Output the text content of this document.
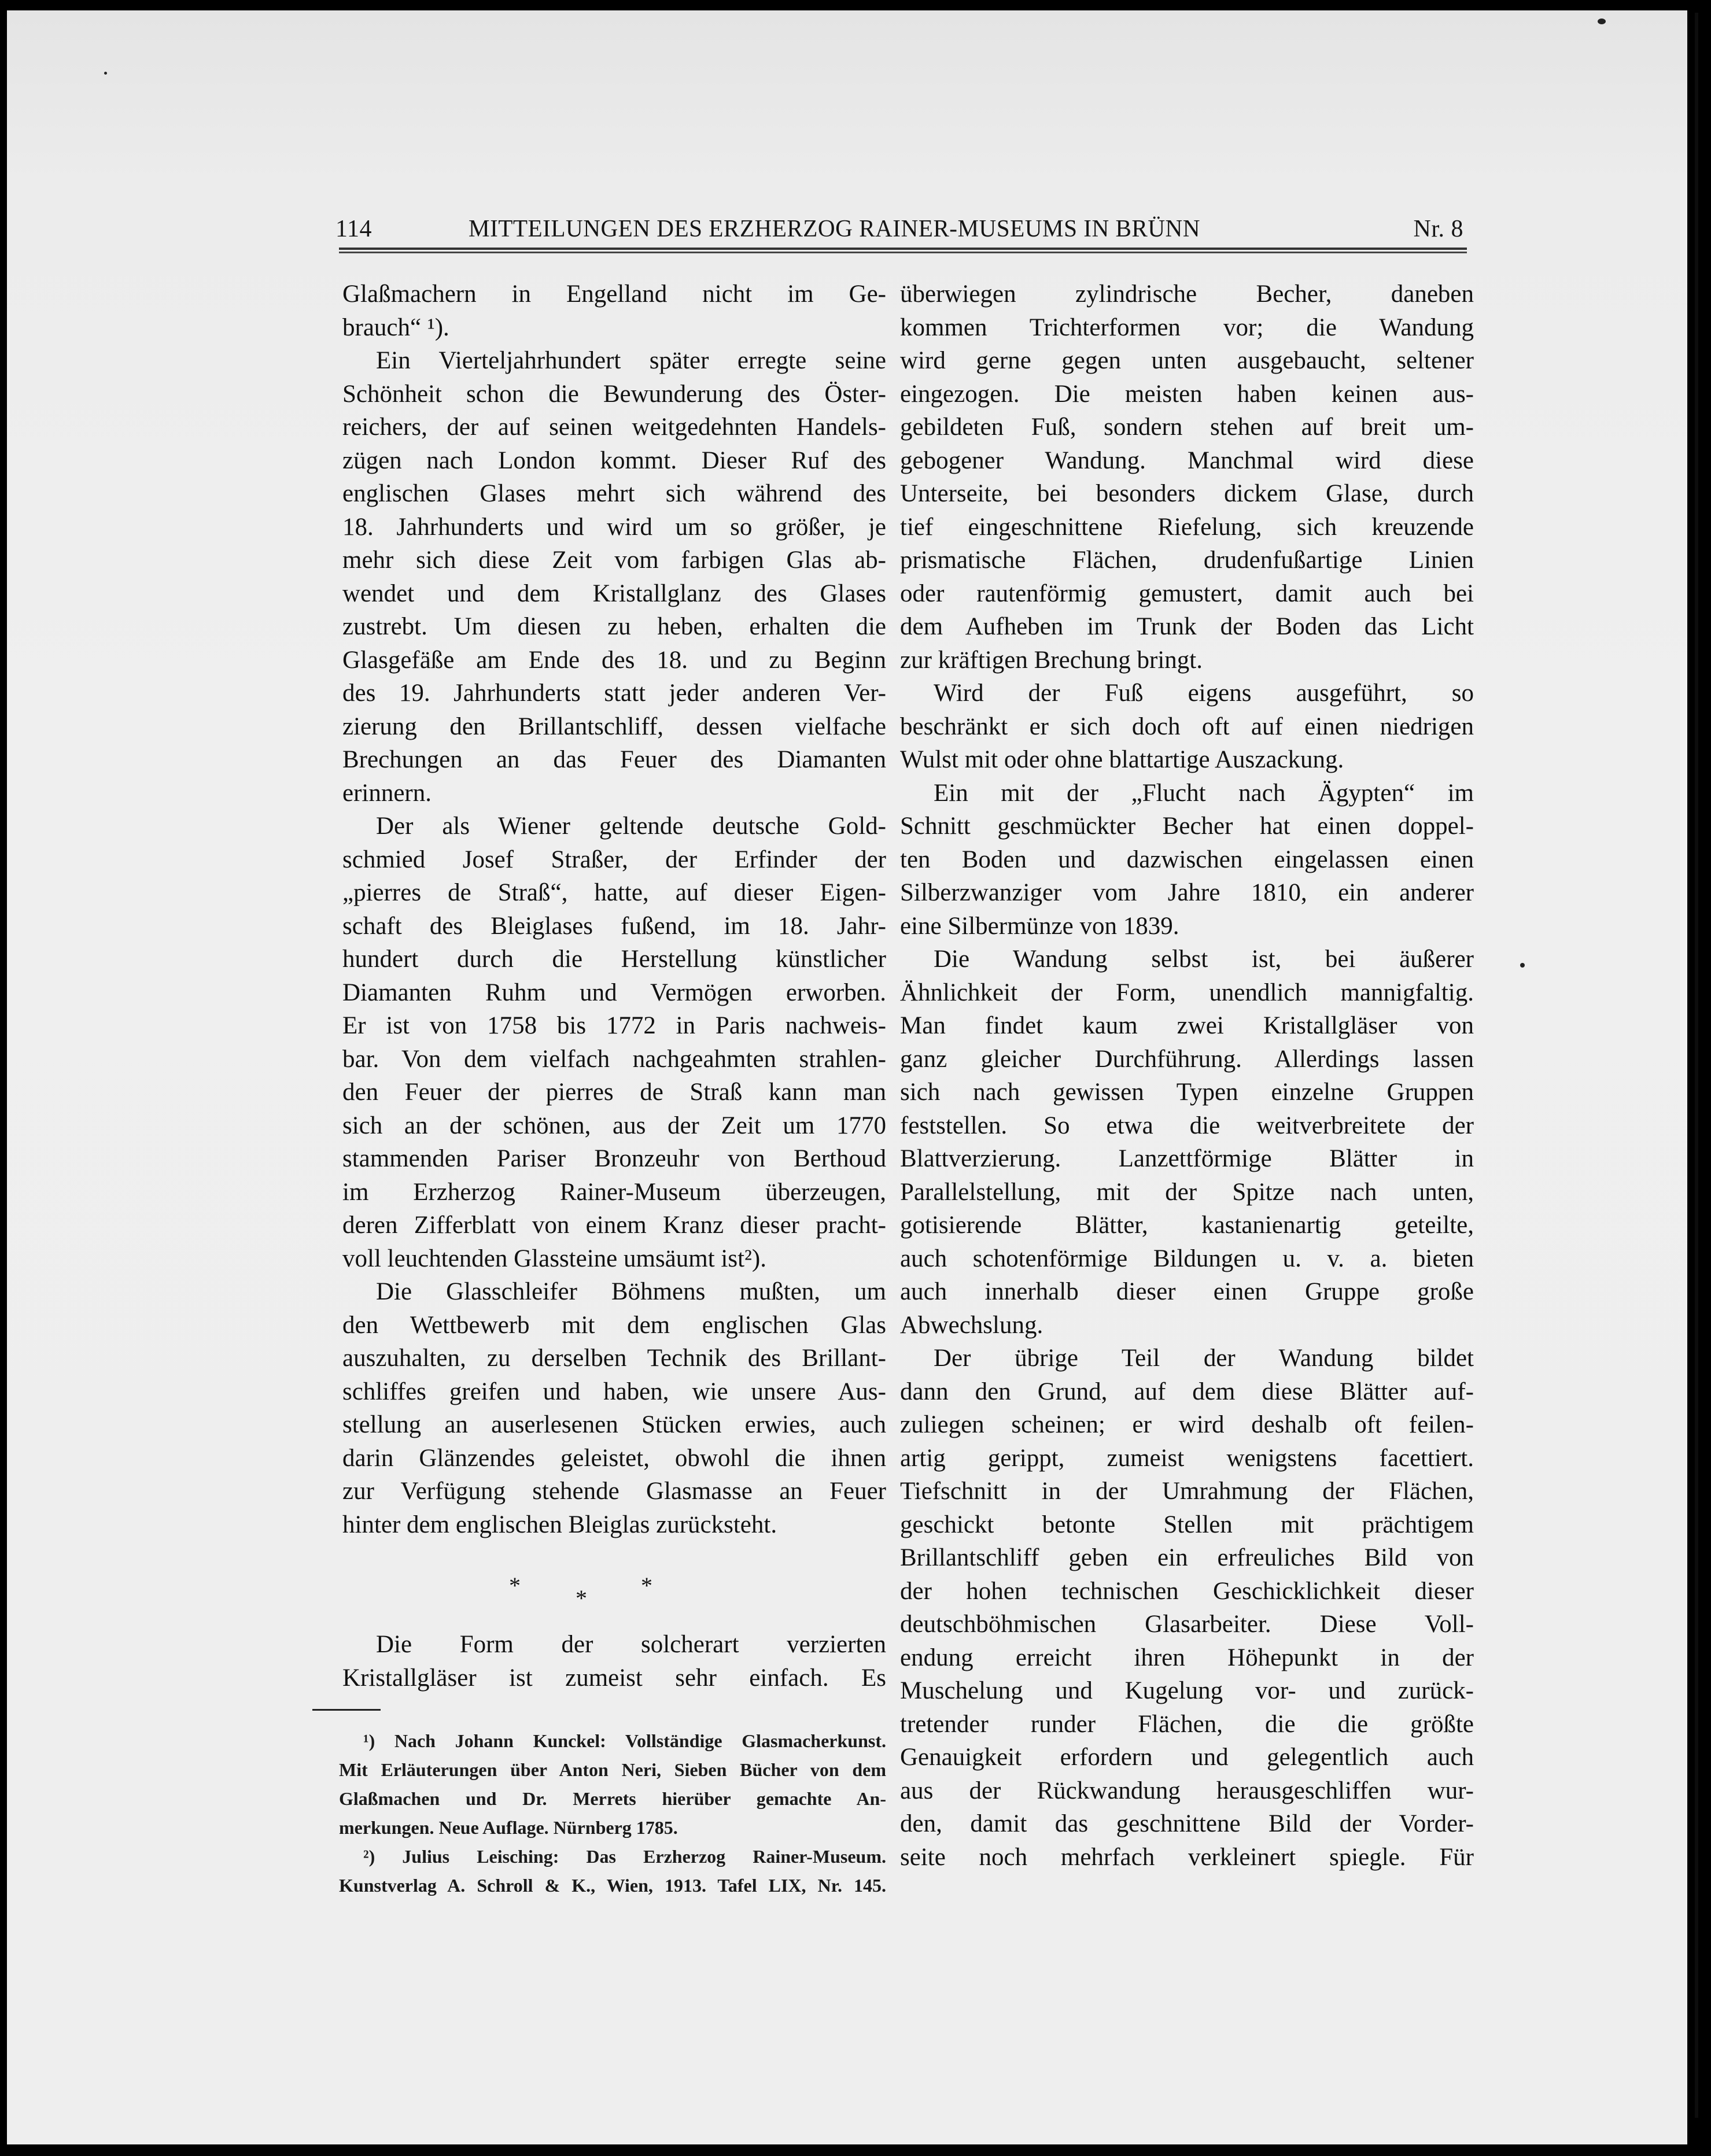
114	MITTEILUNGEN DES ERZHERZOG RAINER-MUSEUMS IN BRÜNN	Nr. 8
Glaßmachern in Engelland nicht im Ge-
brauch“ ¹).
Ein Vierteljahrhundert später erregte seine
Schönheit schon die Bewunderung des Öster-
reichers, der auf seinen weitgedehnten Handels-
zügen nach London kommt. Dieser Ruf des
englischen Glases mehrt sich während des
18. Jahrhunderts und wird um so größer, je
mehr sich diese Zeit vom farbigen Glas ab-
wendet und dem Kristallglanz des Glases
zustrebt. Um diesen zu heben, erhalten die
Glasgefäße am Ende des 18. und zu Beginn
des 19. Jahrhunderts statt jeder anderen Ver-
zierung den Brillantschliff, dessen vielfache
Brechungen an das Feuer des Diamanten
erinnern.
Der als Wiener geltende deutsche Gold-
schmied Josef Straßer, der Erfinder der
„pierres de Straß“, hatte, auf dieser Eigen-
schaft des Bleiglases fußend, im 18. Jahr-
hundert durch die Herstellung künstlicher
Diamanten Ruhm und Vermögen erworben.
Er ist von 1758 bis 1772 in Paris nachweis-
bar. Von dem vielfach nachgeahmten strahlen-
den Feuer der pierres de Straß kann man
sich an der schönen, aus der Zeit um 1770
stammenden Pariser Bronzeuhr von Berthoud
im Erzherzog Rainer-Museum überzeugen,
deren Zifferblatt von einem Kranz dieser pracht-
voll leuchtenden Glassteine umsäumt ist²).
Die Glasschleifer Böhmens mußten, um
den Wettbewerb mit dem englischen Glas
auszuhalten, zu derselben Technik des Brillant-
schliffes greifen und haben, wie unsere Aus-
stellung an auserlesenen Stücken erwies, auch
darin Glänzendes geleistet, obwohl die ihnen
zur Verfügung stehende Glasmasse an Feuer
hinter dem englischen Bleiglas zurücksteht.
* * *
Die Form der solcherart verzierten
Kristallgläser ist zumeist sehr einfach. Es
¹) Nach Johann Kunckel: Vollständige Glasmacherkunst.
Mit Erläuterungen über Anton Neri, Sieben Bücher von dem
Glaßmachen und Dr. Merrets hierüber gemachte An-
merkungen. Neue Auflage. Nürnberg 1785.
²) Julius Leisching: Das Erzherzog Rainer-Museum.
Kunstverlag A. Schroll & K., Wien, 1913. Tafel LIX, Nr. 145.
überwiegen zylindrische Becher, daneben
kommen Trichterformen vor; die Wandung
wird gerne gegen unten ausgebaucht, seltener
eingezogen. Die meisten haben keinen aus-
gebildeten Fuß, sondern stehen auf breit um-
gebogener Wandung. Manchmal wird diese
Unterseite, bei besonders dickem Glase, durch
tief eingeschnittene Riefelung, sich kreuzende
prismatische Flächen, drudenfußartige Linien
oder rautenförmig gemustert, damit auch bei
dem Aufheben im Trunk der Boden das Licht
zur kräftigen Brechung bringt.
Wird der Fuß eigens ausgeführt, so
beschränkt er sich doch oft auf einen niedrigen
Wulst mit oder ohne blattartige Auszackung.
Ein mit der „Flucht nach Ägypten“ im
Schnitt geschmückter Becher hat einen doppel-
ten Boden und dazwischen eingelassen einen
Silberzwanziger vom Jahre 1810, ein anderer
eine Silbermünze von 1839.
Die Wandung selbst ist, bei äußerer
Ähnlichkeit der Form, unendlich mannigfaltig.
Man findet kaum zwei Kristallgläser von
ganz gleicher Durchführung. Allerdings lassen
sich nach gewissen Typen einzelne Gruppen
feststellen. So etwa die weitverbreitete der
Blattverzierung. Lanzettförmige Blätter in
Parallelstellung, mit der Spitze nach unten,
gotisierende Blätter, kastanienartig geteilte,
auch schotenförmige Bildungen u. v. a. bieten
auch innerhalb dieser einen Gruppe große
Abwechslung.
Der übrige Teil der Wandung bildet
dann den Grund, auf dem diese Blätter auf-
zuliegen scheinen; er wird deshalb oft feilen-
artig gerippt, zumeist wenigstens facettiert.
Tiefschnitt in der Umrahmung der Flächen,
geschickt betonte Stellen mit prächtigem
Brillantschliff geben ein erfreuliches Bild von
der hohen technischen Geschicklichkeit dieser
deutschböhmischen Glasarbeiter. Diese Voll-
endung erreicht ihren Höhepunkt in der
Muschelung und Kugelung vor- und zurück-
tretender runder Flächen, die die größte
Genauigkeit erfordern und gelegentlich auch
aus der Rückwandung herausgeschliffen wur-
den, damit das geschnittene Bild der Vorder-
seite noch mehrfach verkleinert spiegle. Für
